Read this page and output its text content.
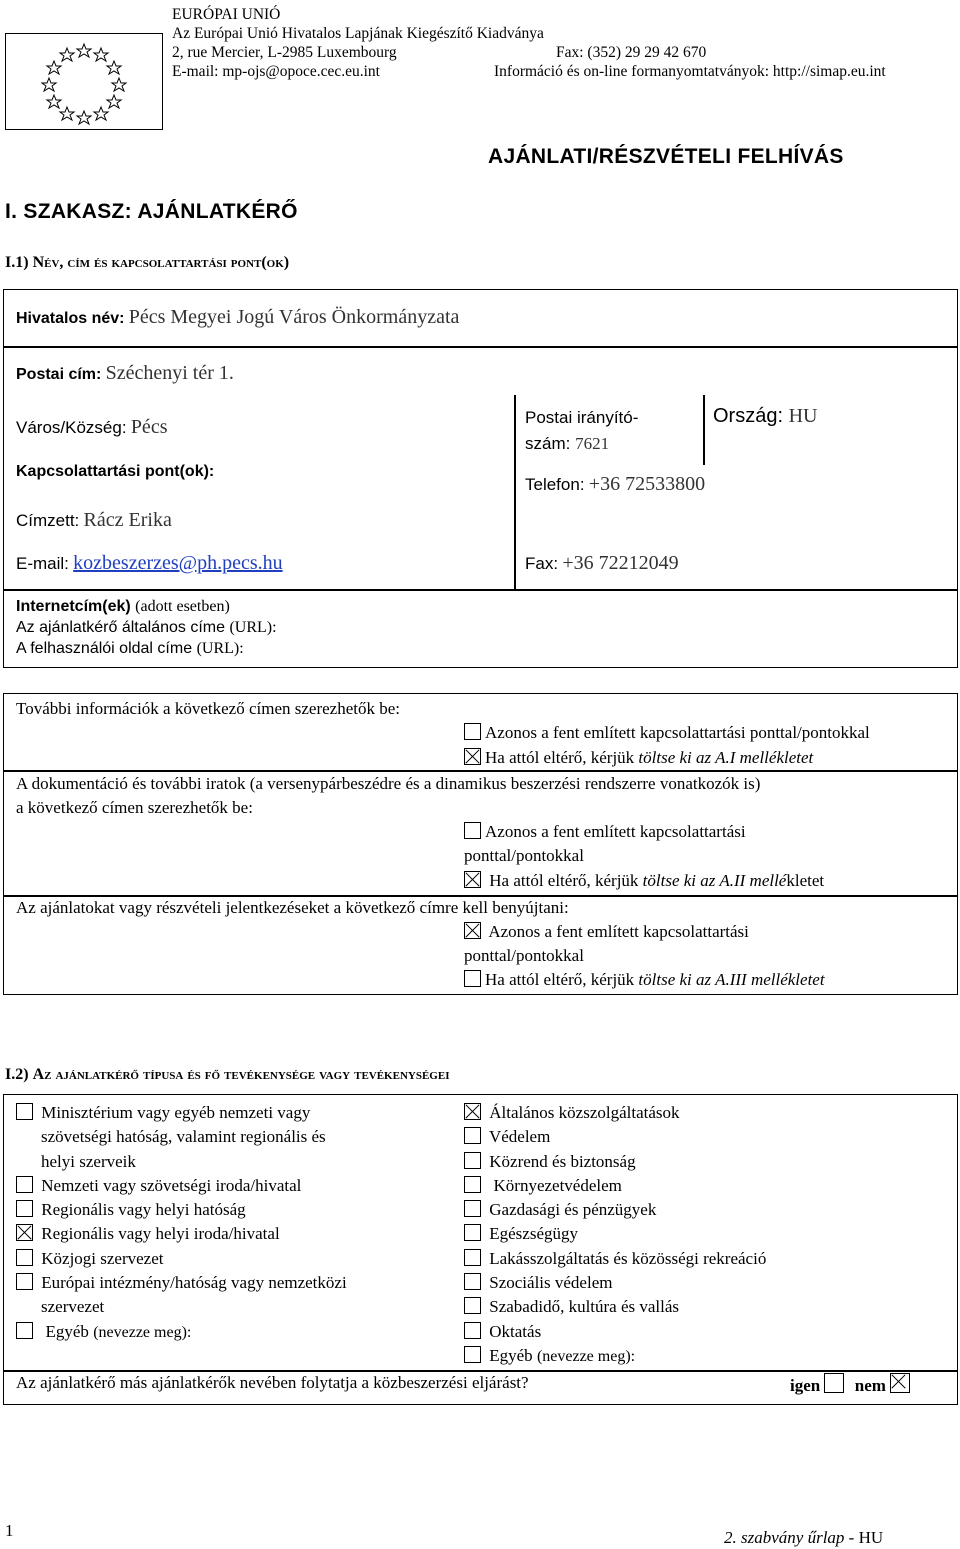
EURÓPAI UNIÓ
Az Európai Unió Hivatalos Lapjának Kiegészítő Kiadványa
2, rue Mercier, L-2985 Luxembourg
E-mail: mp-ojs@opoce.cec.eu.int
Fax: (352) 29 29 42 670
Információ és on-line formanyomtatványok: http://simap.eu.int
AJÁNLATI/RÉSZVÉTELI FELHÍVÁS
I. SZAKASZ: AJÁNLATKÉRŐ
I.1) Név, cím és kapcsolattartási pont(ok)
Hivatalos név: Pécs Megyei Jogú Város Önkormányzata
Postai cím: Széchenyi tér 1.
Város/Község: Pécs	Postai irányító-
szám: 7621
Ország: HU
Kapcsolattartási pont(ok):
Telefon: +36 72533800
Címzett: Rácz Erika
E-mail: kozbeszerzes@ph.pecs.hu	Fax: +36 72212049
Internetcím(ek) (adott esetben)
Az ajánlatkérő általános címe (URL):
A felhasználói oldal címe (URL):
További információk a következő címen szerezhetők be:
Azonos a fent említett kapcsolattartási ponttal/pontokkal
Ha attól eltérő, kérjük töltse ki az A.I mellékletet
A dokumentáció és további iratok (a versenypárbeszédre és a dinamikus beszerzési rendszerre vonatkozók is)
a következő címen szerezhetők be:
Azonos a fent említett kapcsolattartási
ponttal/pontokkal
Ha attól eltérő, kérjük töltse ki az A.II mellékletet
Az ajánlatokat vagy részvételi jelentkezéseket a következő címre kell benyújtani:
Azonos a fent említett kapcsolattartási
ponttal/pontokkal
Ha attól eltérő, kérjük töltse ki az A.III mellékletet
I.2) Az ajánlatkérő típusa és fő tevékenysége vagy tevékenységei
Minisztérium vagy egyéb nemzeti vagy
szövetségi hatóság, valamint regionális és
helyi szerveik
Nemzeti vagy szövetségi iroda/hivatal
Regionális vagy helyi hatóság
Regionális vagy helyi iroda/hivatal
Közjogi szervezet
Európai intézmény/hatóság vagy nemzetközi
szervezet
Egyéb (nevezze meg):
Általános közszolgáltatások
Védelem
Közrend és biztonság
Környezetvédelem
Gazdasági és pénzügyek
Egészségügy
Lakásszolgáltatás és közösségi rekreáció
Szociális védelem
Szabadidő, kultúra és vallás
Oktatás
Egyéb (nevezze meg):
Az ajánlatkérő más ajánlatkérők nevében folytatja a közbeszerzési eljárást?	igen nem
1	2. szabvány űrlap - HU
